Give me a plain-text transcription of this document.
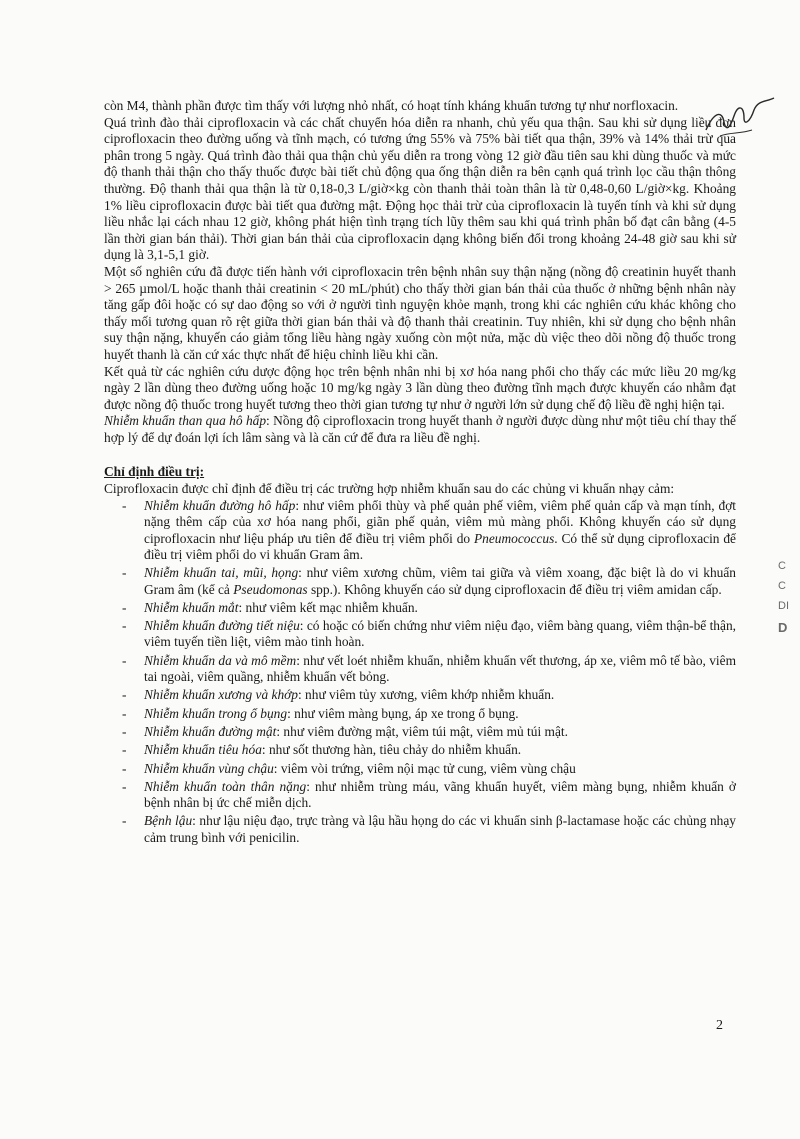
còn M4, thành phần được tìm thấy với lượng nhỏ nhất, có hoạt tính kháng khuẩn tương tự như norfloxacin.

Quá trình đào thải ciprofloxacin và các chất chuyển hóa diễn ra nhanh, chủ yếu qua thận. Sau khi sử dụng liều đơn ciprofloxacin theo đường uống và tĩnh mạch, có tương ứng 55% và 75% bài tiết qua thận, 39% và 14% thải trừ qua phân trong 5 ngày. Quá trình đào thải qua thận chủ yếu diễn ra trong vòng 12 giờ đầu tiên sau khi dùng thuốc và mức độ thanh thải thận cho thấy thuốc được bài tiết chủ động qua ống thận diễn ra bên cạnh quá trình lọc cầu thận thông thường. Độ thanh thải qua thận là từ 0,18-0,3 L/giờ×kg còn thanh thải toàn thân là từ 0,48-0,60 L/giờ×kg. Khoảng 1% liều ciprofloxacin được bài tiết qua đường mật. Động học thải trừ của ciprofloxacin là tuyến tính và khi sử dụng liều nhắc lại cách nhau 12 giờ, không phát hiện tình trạng tích lũy thêm sau khi quá trình phân bố đạt cân bằng (4-5 lần thời gian bán thải). Thời gian bán thải của ciprofloxacin dạng không biến đổi trong khoảng 24-48 giờ sau khi sử dụng là 3,1-5,1 giờ.

Một số nghiên cứu đã được tiến hành với ciprofloxacin trên bệnh nhân suy thận nặng (nồng độ creatinin huyết thanh > 265 µmol/L hoặc thanh thải creatinin < 20 mL/phút) cho thấy thời gian bán thải của thuốc ở những bệnh nhân này tăng gấp đôi hoặc có sự dao động so với ở người tình nguyện khỏe mạnh, trong khi các nghiên cứu khác không cho thấy mối tương quan rõ rệt giữa thời gian bán thải và độ thanh thải creatinin. Tuy nhiên, khi sử dụng cho bệnh nhân suy thận nặng, khuyến cáo giảm tổng liều hàng ngày xuống còn một nửa, mặc dù việc theo dõi nồng độ thuốc trong huyết thanh là căn cứ xác thực nhất để hiệu chỉnh liều khi cần.

Kết quả từ các nghiên cứu dược động học trên bệnh nhân nhi bị xơ hóa nang phổi cho thấy các mức liều 20 mg/kg ngày 2 lần dùng theo đường uống hoặc 10 mg/kg ngày 3 lần dùng theo đường tĩnh mạch được khuyến cáo nhằm đạt được nồng độ thuốc trong huyết tương theo thời gian tương tự như ở người lớn sử dụng chế độ liều đề nghị hiện tại.

Nhiễm khuẩn than qua hô hấp: Nồng độ ciprofloxacin trong huyết thanh ở người được dùng như một tiêu chí thay thế hợp lý để dự đoán lợi ích lâm sàng và là căn cứ để đưa ra liều đề nghị.

Chỉ định điều trị:

Ciprofloxacin được chỉ định để điều trị các trường hợp nhiễm khuẩn sau do các chủng vi khuẩn nhạy cảm:

- Nhiễm khuẩn đường hô hấp: như viêm phổi thùy và phế quản phế viêm, viêm phế quản cấp và mạn tính, đợt nặng thêm cấp của xơ hóa nang phổi, giãn phế quản, viêm mủ màng phổi. Không khuyến cáo sử dụng ciprofloxacin như liệu pháp ưu tiên để điều trị viêm phổi do Pneumococcus. Có thể sử dụng ciprofloxacin để điều trị viêm phổi do vi khuẩn Gram âm.
- Nhiễm khuẩn tai, mũi, họng: như viêm xương chũm, viêm tai giữa và viêm xoang, đặc biệt là do vi khuẩn Gram âm (kể cả Pseudomonas spp.). Không khuyến cáo sử dụng ciprofloxacin để điều trị viêm amidan cấp.
- Nhiễm khuẩn mắt: như viêm kết mạc nhiễm khuẩn.
- Nhiễm khuẩn đường tiết niệu: có hoặc có biến chứng như viêm niệu đạo, viêm bàng quang, viêm thận-bể thận, viêm tuyến tiền liệt, viêm mào tinh hoàn.
- Nhiễm khuẩn da và mô mềm: như vết loét nhiễm khuẩn, nhiễm khuẩn vết thương, áp xe, viêm mô tế bào, viêm tai ngoài, viêm quầng, nhiễm khuẩn vết bỏng.
- Nhiễm khuẩn xương và khớp: như viêm tủy xương, viêm khớp nhiễm khuẩn.
- Nhiễm khuẩn trong ổ bụng: như viêm màng bụng, áp xe trong ổ bụng.
- Nhiễm khuẩn đường mật: như viêm đường mật, viêm túi mật, viêm mủ túi mật.
- Nhiễm khuẩn tiêu hóa: như sốt thương hàn, tiêu chảy do nhiễm khuẩn.
- Nhiễm khuẩn vùng chậu: viêm vòi trứng, viêm nội mạc tử cung, viêm vùng chậu
- Nhiễm khuẩn toàn thân nặng: như nhiễm trùng máu, vãng khuẩn huyết, viêm màng bụng, nhiễm khuẩn ở bệnh nhân bị ức chế miễn dịch.
- Bệnh lậu: như lậu niệu đạo, trực tràng và lậu hầu họng do các vi khuẩn sinh β-lactamase hoặc các chủng nhạy cảm trung bình với penicilin.
C
C
DI
D
2
